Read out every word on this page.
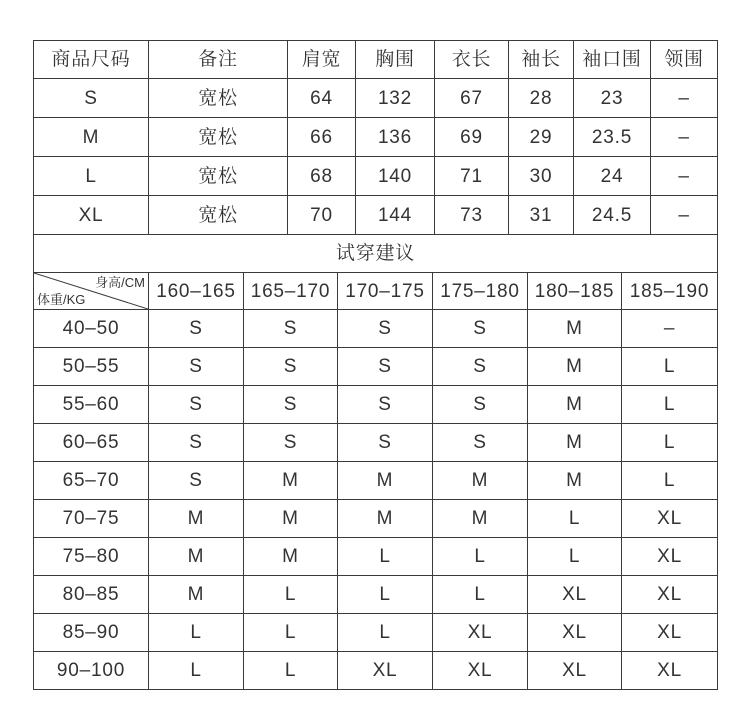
商品尺码	备注	肩宽	胸围	衣长	袖长	袖口围	领围
S	宽松	64	132	67	28	23	–
M	宽松	66	136	69	29	23.5	–
L	宽松	68	140	71	30	24	–
XL	宽松	70	144	73	31	24.5	–
试穿建议						

身高/CM
体重/KG	160–165	165–170	170–175	175–180	180–185	185–190
40–50	S	S	S	S	M	–
50–55	S	S	S	S	M	L
55–60	S	S	S	S	M	L
60–65	S	S	S	S	M	L
65–70	S	M	M	M	M	L
70–75	M	M	M	M	L	XL
75–80	M	M	L	L	L	XL
80–85	M	L	L	L	XL	XL
85–90	L	L	L	XL	XL	XL
90–100	L	L	XL	XL	XL	XL
